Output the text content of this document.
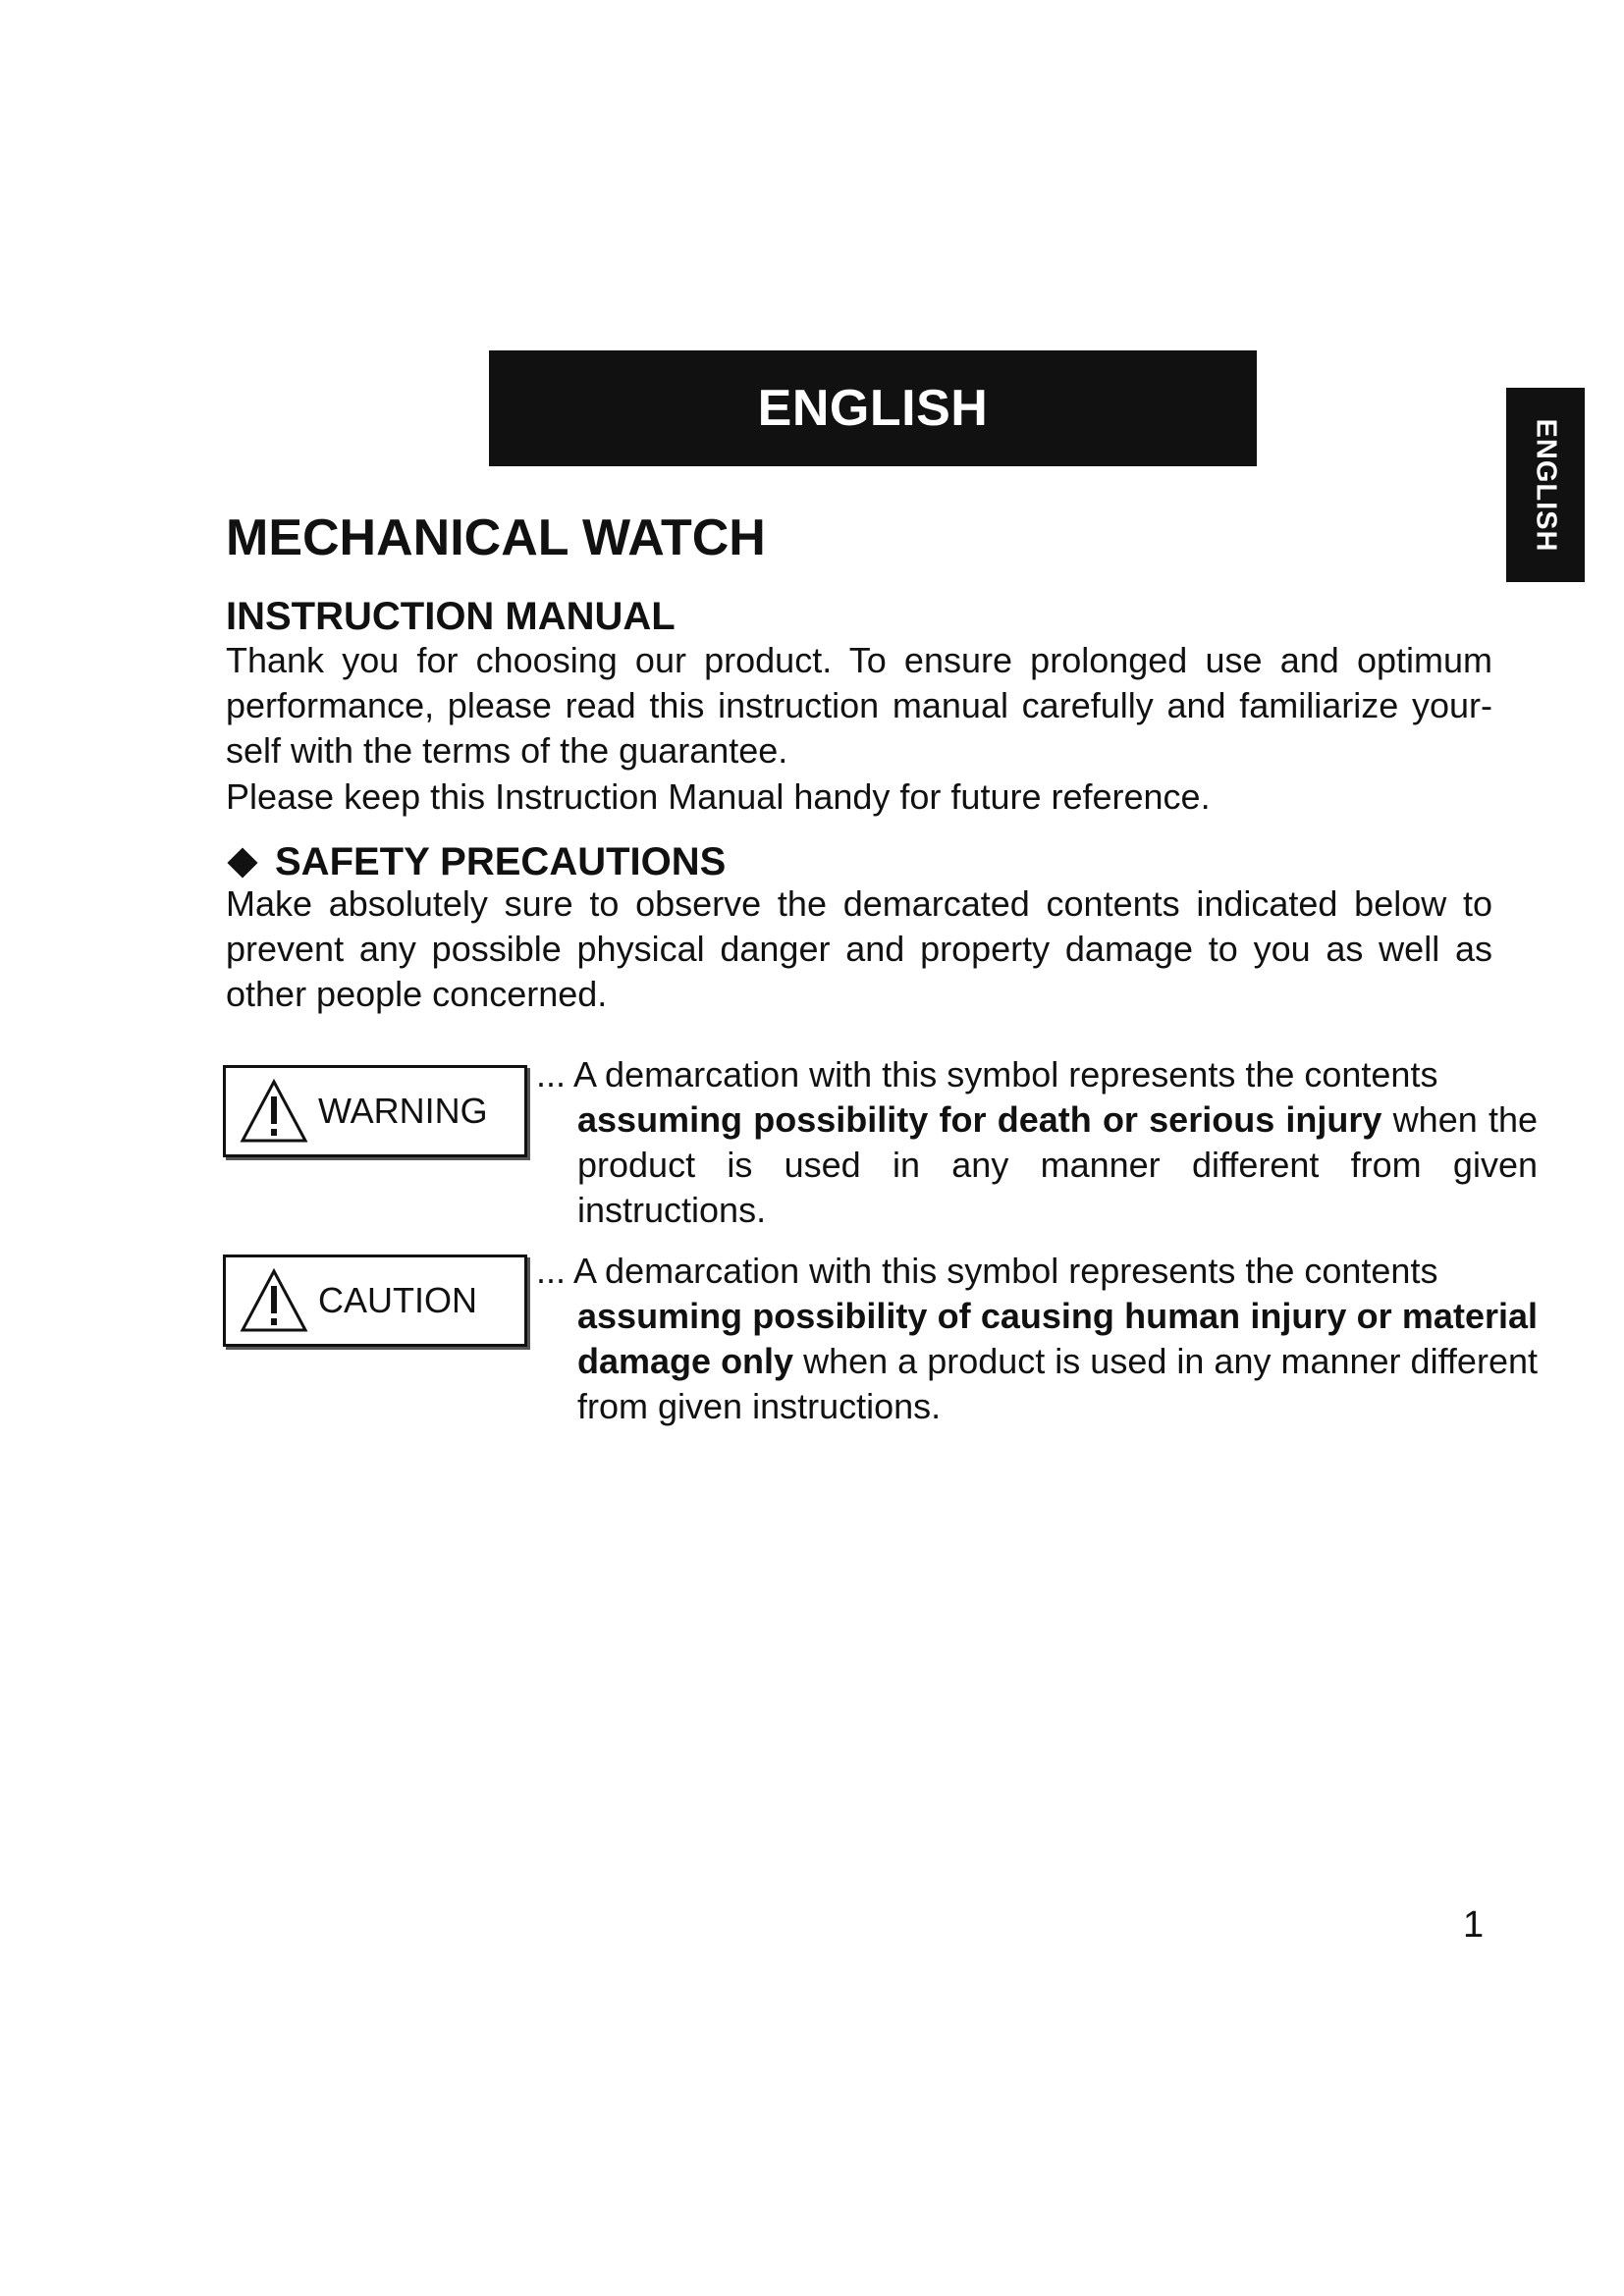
ENGLISH
ENGLISH
MECHANICAL WATCH
INSTRUCTION MANUAL

Thank you for choosing our product. To ensure prolonged use and optimum performance, please read this instruction manual carefully and familiarize your-self with the terms of the guarantee.

Please keep this Instruction Manual handy for future reference.

SAFETY PRECAUTIONS

Make absolutely sure to observe the demarcated contents indicated below to prevent any possible physical danger and property damage to you as well as other people concerned.

WARNING

... A demarcation with this symbol represents the contents
assuming possibility for death or serious injury when the product is used in any manner different from given instructions.

CAUTION

... A demarcation with this symbol represents the contents
assuming possibility of causing human injury or material damage only when a product is used in any manner different from given instructions.

1
